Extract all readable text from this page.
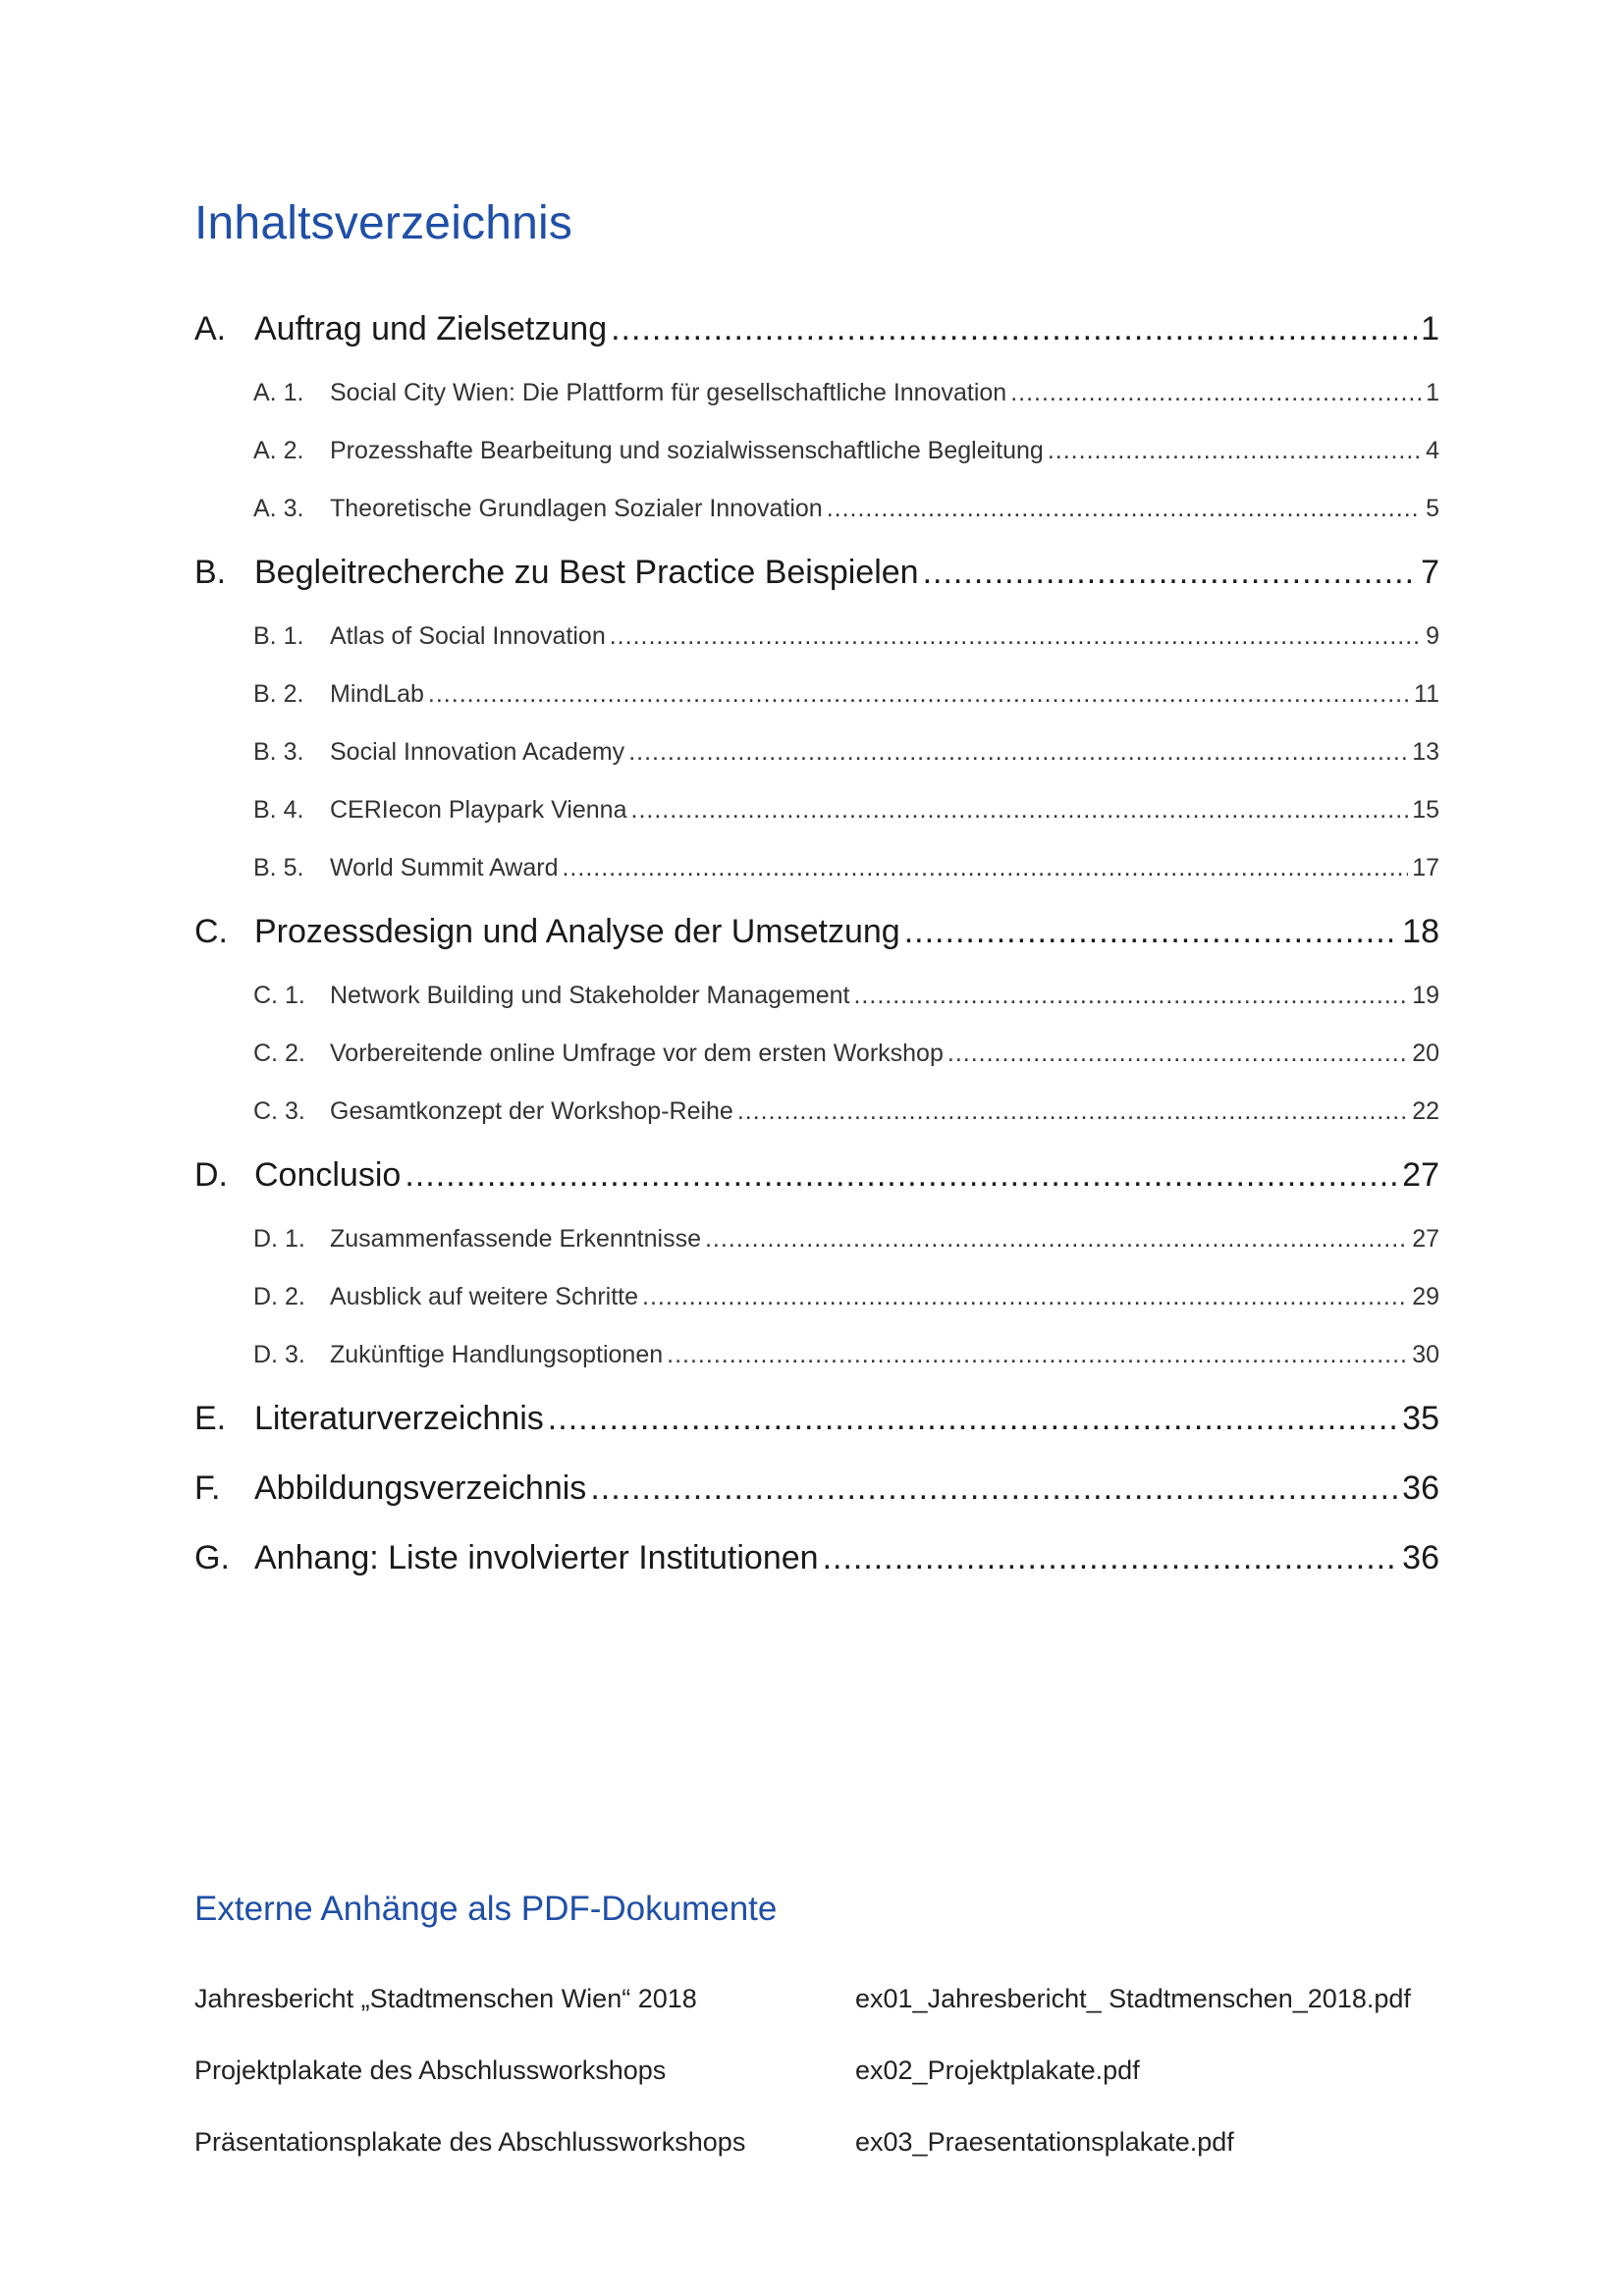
Inhaltsverzeichnis
A. Auftrag und Zielsetzung .....	1
A. 1.	Social City Wien: Die Plattform für gesellschaftliche Innovation .....	1
A. 2.	Prozesshafte Bearbeitung und sozialwissenschaftliche Begleitung .....	4
A. 3.	Theoretische Grundlagen Sozialer Innovation .....	5
B. Begleitrecherche zu Best Practice Beispielen .....	7
B. 1.	Atlas of Social Innovation .....	9
B. 2.	MindLab .....	11
B. 3.	Social Innovation Academy .....	13
B. 4.	CERIecon Playpark Vienna .....	15
B. 5.	World Summit Award .....	17
C. Prozessdesign und Analyse der Umsetzung .....	18
C. 1.	Network Building und Stakeholder Management .....	19
C. 2.	Vorbereitende online Umfrage vor dem ersten Workshop .....	20
C. 3.	Gesamtkonzept der Workshop-Reihe .....	22
D. Conclusio .....	27
D. 1.	Zusammenfassende Erkenntnisse .....	27
D. 2.	Ausblick auf weitere Schritte .....	29
D. 3.	Zukünftige Handlungsoptionen .....	30
E. Literaturverzeichnis .....	35
F.	Abbildungsverzeichnis .....	36
G. Anhang: Liste involvierter Institutionen .....	36
Externe Anhänge als PDF-Dokumente
Jahresbericht „Stadtmenschen Wien“ 2018	ex01_Jahresbericht_ Stadtmenschen_2018.pdf
Projektplakate des Abschlussworkshops	ex02_Projektplakate.pdf
Präsentationsplakate des Abschlussworkshops	ex03_Praesentationsplakate.pdf
